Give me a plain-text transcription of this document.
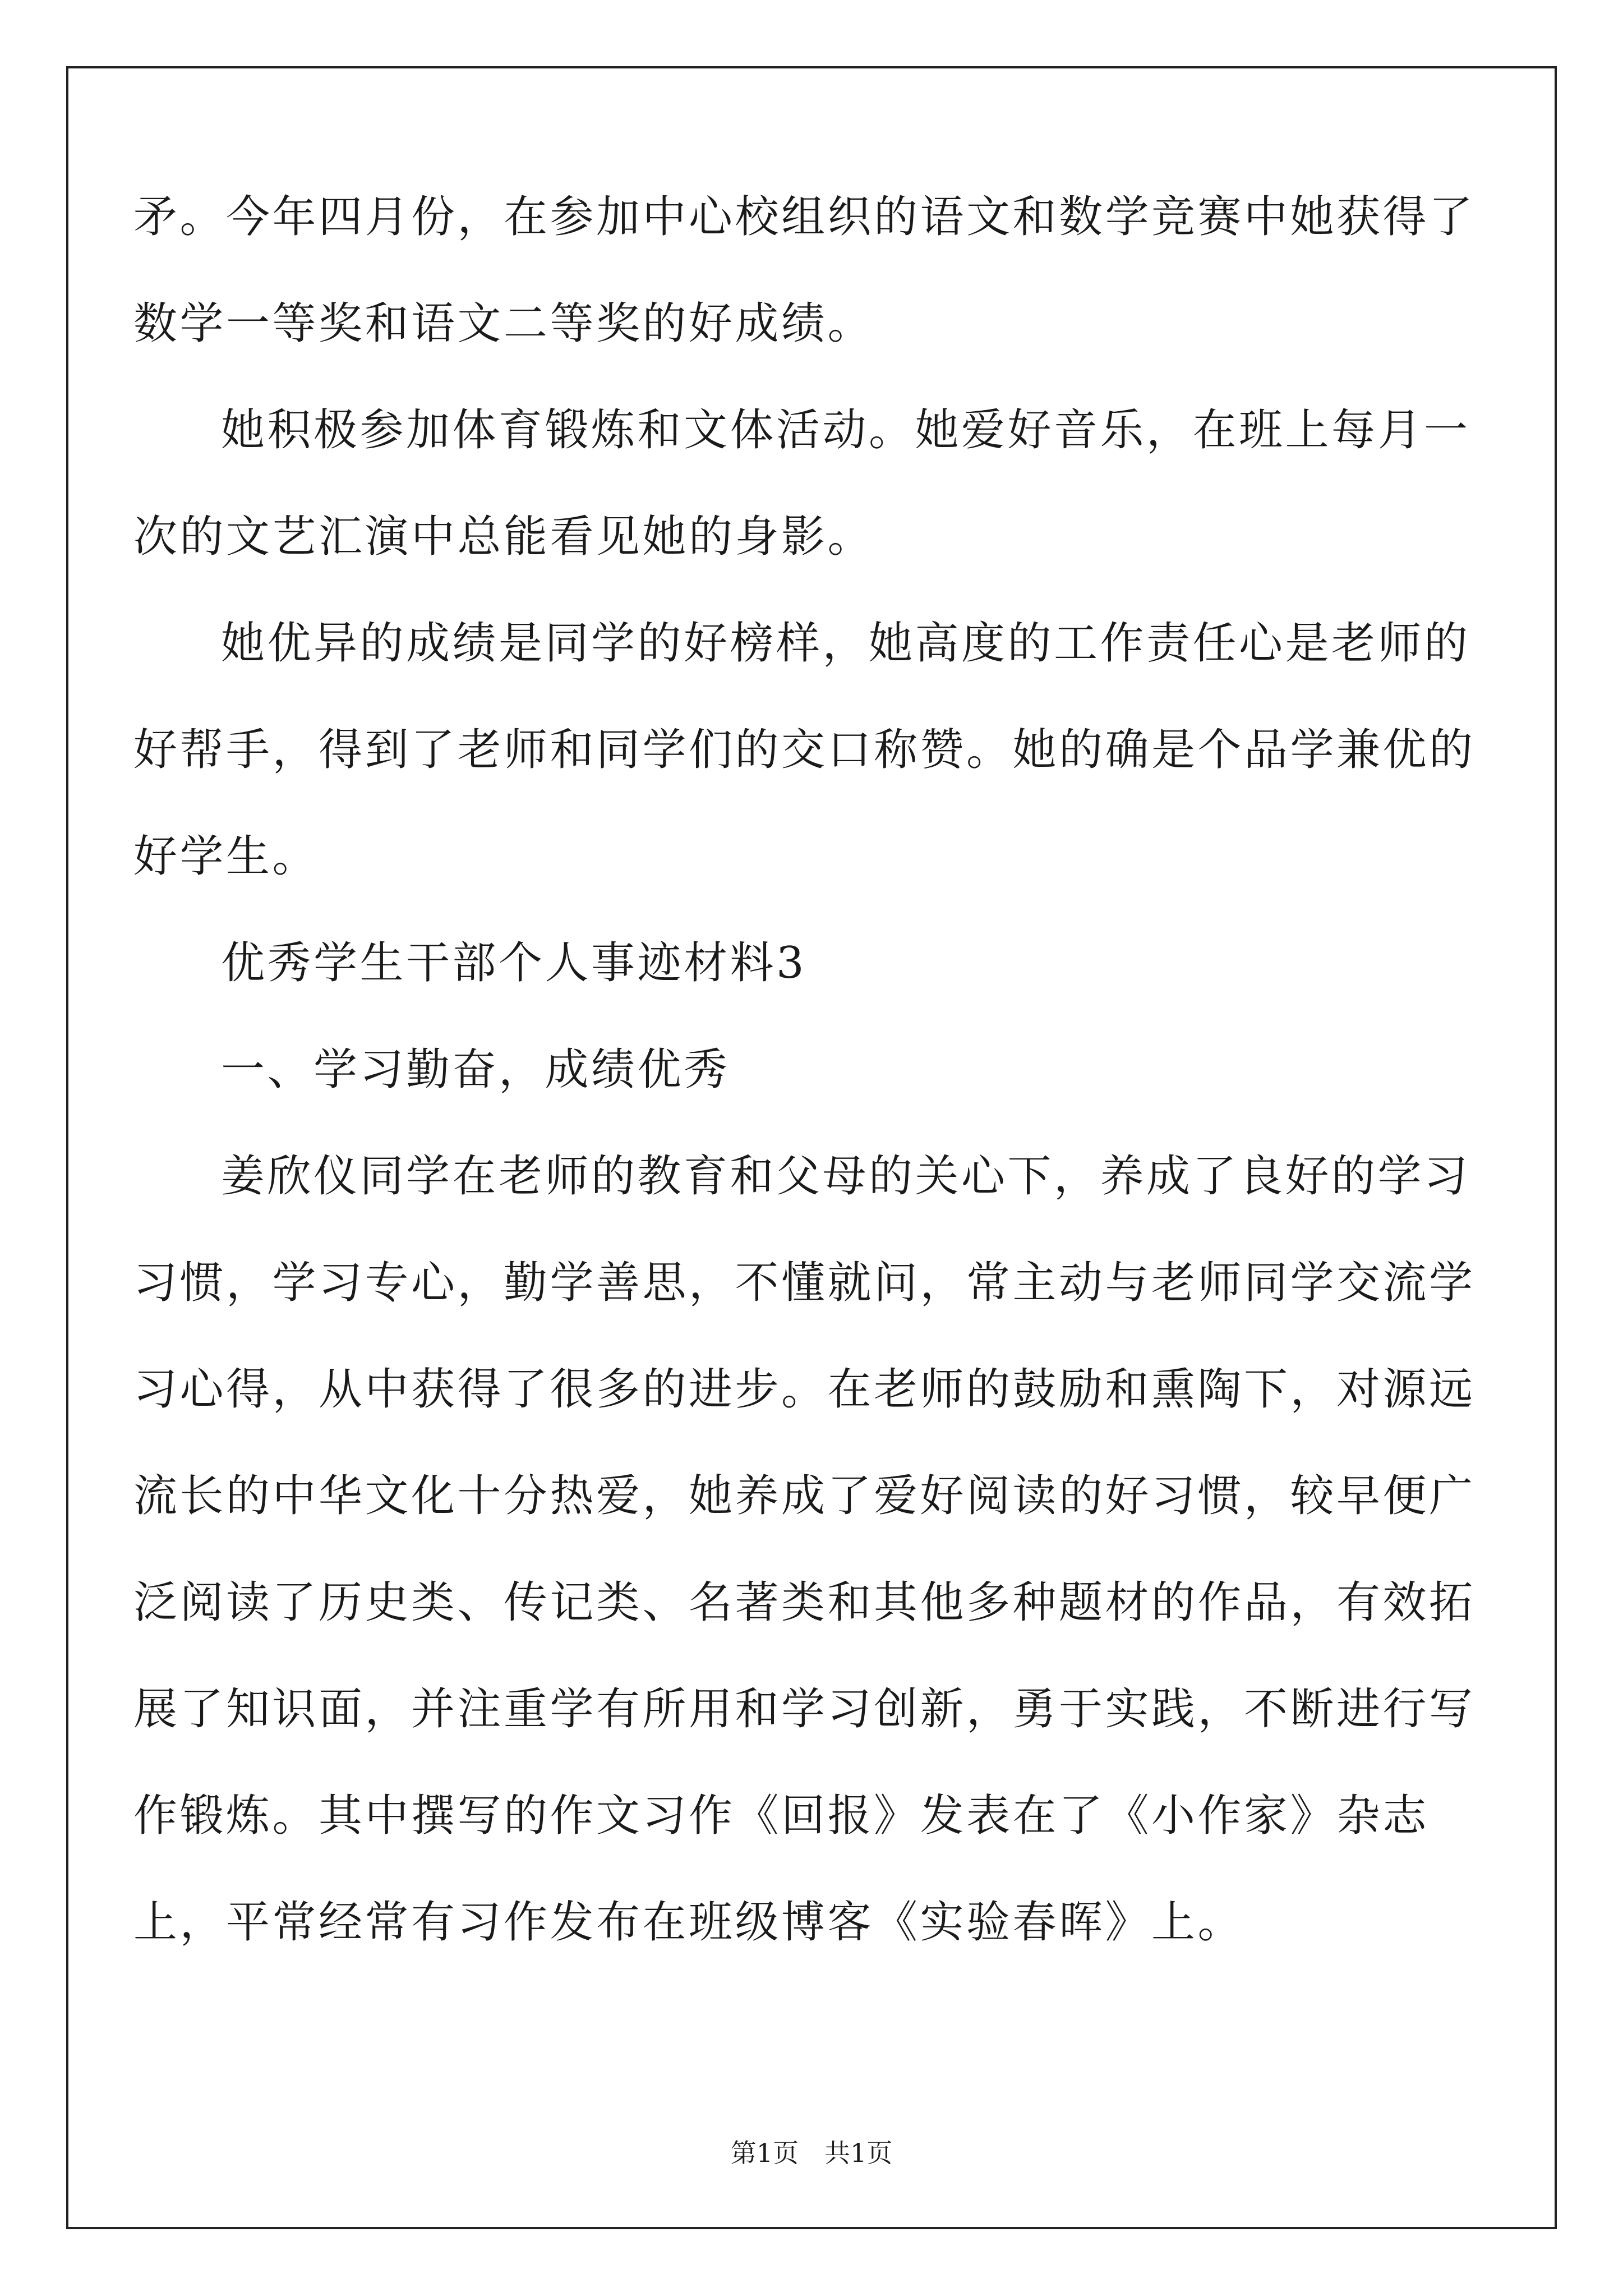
矛。今年四月份，在参加中心校组织的语文和数学竞赛中她获得了数学一等奖和语文二等奖的好成绩。

她积极参加体育锻炼和文体活动。她爱好音乐，在班上每月一次的文艺汇演中总能看见她的身影。

她优异的成绩是同学的好榜样，她高度的工作责任心是老师的好帮手，得到了老师和同学们的交口称赞。她的确是个品学兼优的好学生。

优秀学生干部个人事迹材料3

一、学习勤奋，成绩优秀

姜欣仪同学在老师的教育和父母的关心下，养成了良好的学习习惯，学习专心，勤学善思，不懂就问，常主动与老师同学交流学习心得，从中获得了很多的进步。在老师的鼓励和熏陶下，对源远流长的中华文化十分热爱，她养成了爱好阅读的好习惯，较早便广泛阅读了历史类、传记类、名著类和其他多种题材的作品，有效拓展了知识面，并注重学有所用和学习创新，勇于实践，不断进行写作锻炼。其中撰写的作文习作《回报》发表在了《小作家》杂志上，平常经常有习作发布在班级博客《实验春晖》上。

第1页　共1页
